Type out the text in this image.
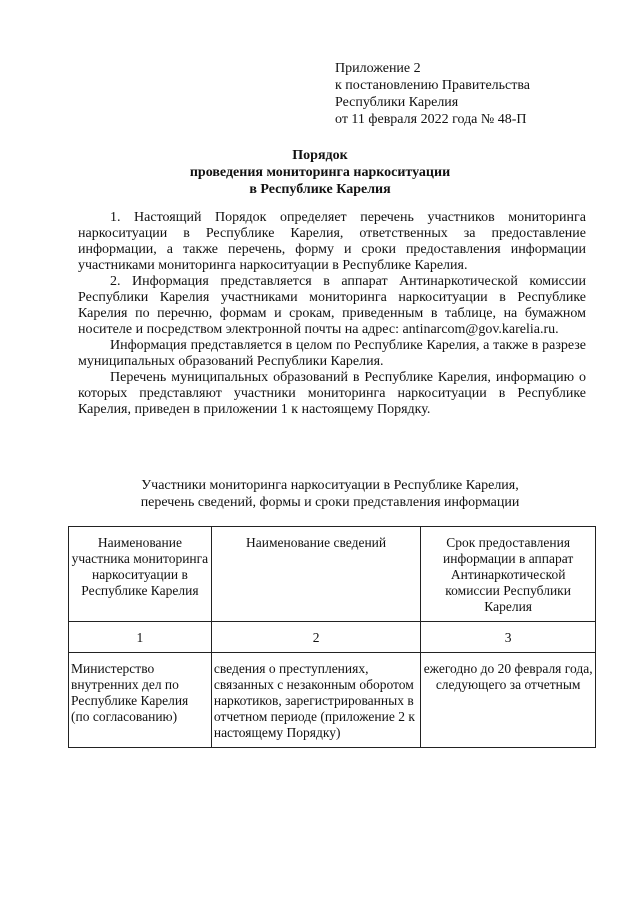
Приложение 2
к постановлению Правительства
Республики Карелия
от 11 февраля 2022 года № 48-П
Порядок
проведения мониторинга наркоситуации
в Республике Карелия

1. Настоящий Порядок определяет перечень участников мониторинга наркоситуации в Республике Карелия, ответственных за предоставление информации, а также перечень, форму и сроки предоставления информации участниками мониторинга наркоситуации в Республике Карелия.

2. Информация представляется в аппарат Антинаркотической комиссии Республики Карелия участниками мониторинга наркоситуации в Республике Карелия по перечню, формам и срокам, приведенным в таблице, на бумажном носителе и посредством электронной почты на адрес: antinarcom@gov.karelia.ru.

Информация представляется в целом по Республике Карелия, а также в разрезе муниципальных образований Республики Карелия.

Перечень муниципальных образований в Республике Карелия, информацию о которых представляют участники мониторинга наркоситуации в Республике Карелия, приведен в приложении 1 к настоящему Порядку.

Участники мониторинга наркоситуации в Республике Карелия,
перечень сведений, формы и сроки представления информации
Наименование участника мониторинга наркоситуации в Республике Карелия	Наименование сведений	Срок предоставления информации в аппарат Антинаркотической комиссии Республики Карелия
1	2	3
Министерство внутренних дел по Республике Карелия (по согласованию)	сведения о преступлениях, связанных с незаконным оборотом наркотиков, зарегистрированных в отчетном периоде (приложение 2 к настоящему Порядку)	ежегодно до 20 февраля года, следующего за отчетным
